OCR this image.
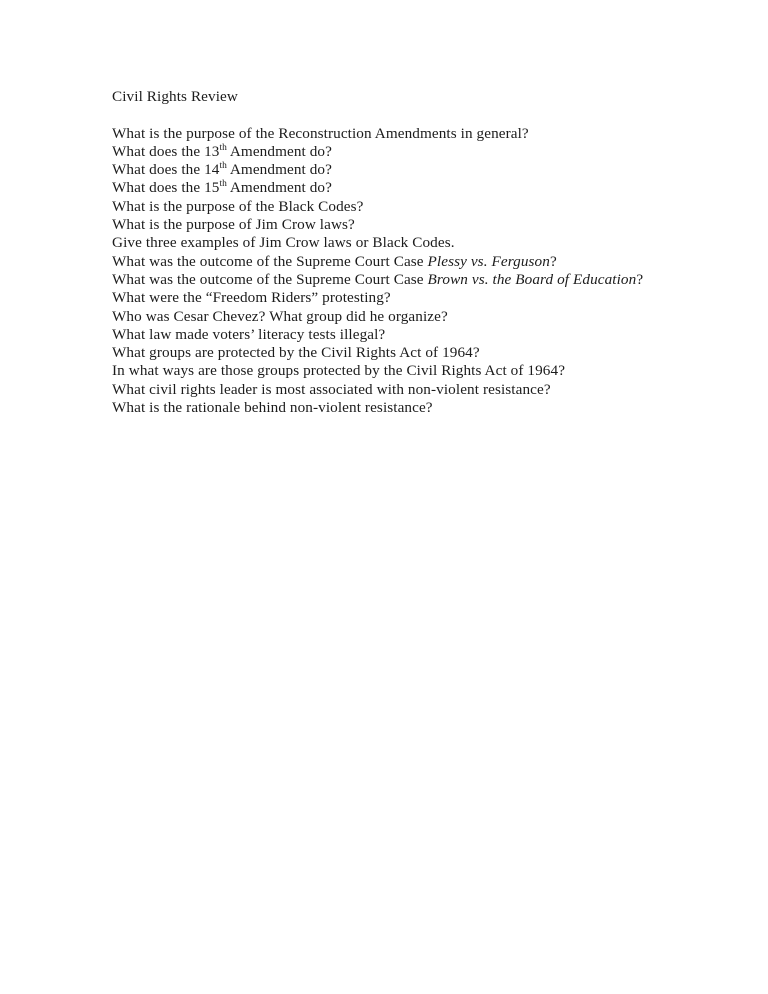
Civil Rights Review
What is the purpose of the Reconstruction Amendments in general?
What does the 13th Amendment do?
What does the 14th Amendment do?
What does the 15th Amendment do?
What is the purpose of the Black Codes?
What is the purpose of Jim Crow laws?
Give three examples of Jim Crow laws or Black Codes.
What was the outcome of the Supreme Court Case Plessy vs. Ferguson?
What was the outcome of the Supreme Court Case Brown vs. the Board of Education?
What were the “Freedom Riders” protesting?
Who was Cesar Chevez? What group did he organize?
What law made voters’ literacy tests illegal?
What groups are protected by the Civil Rights Act of 1964?
In what ways are those groups protected by the Civil Rights Act of 1964?
What civil rights leader is most associated with non-violent resistance?
What is the rationale behind non-violent resistance?
